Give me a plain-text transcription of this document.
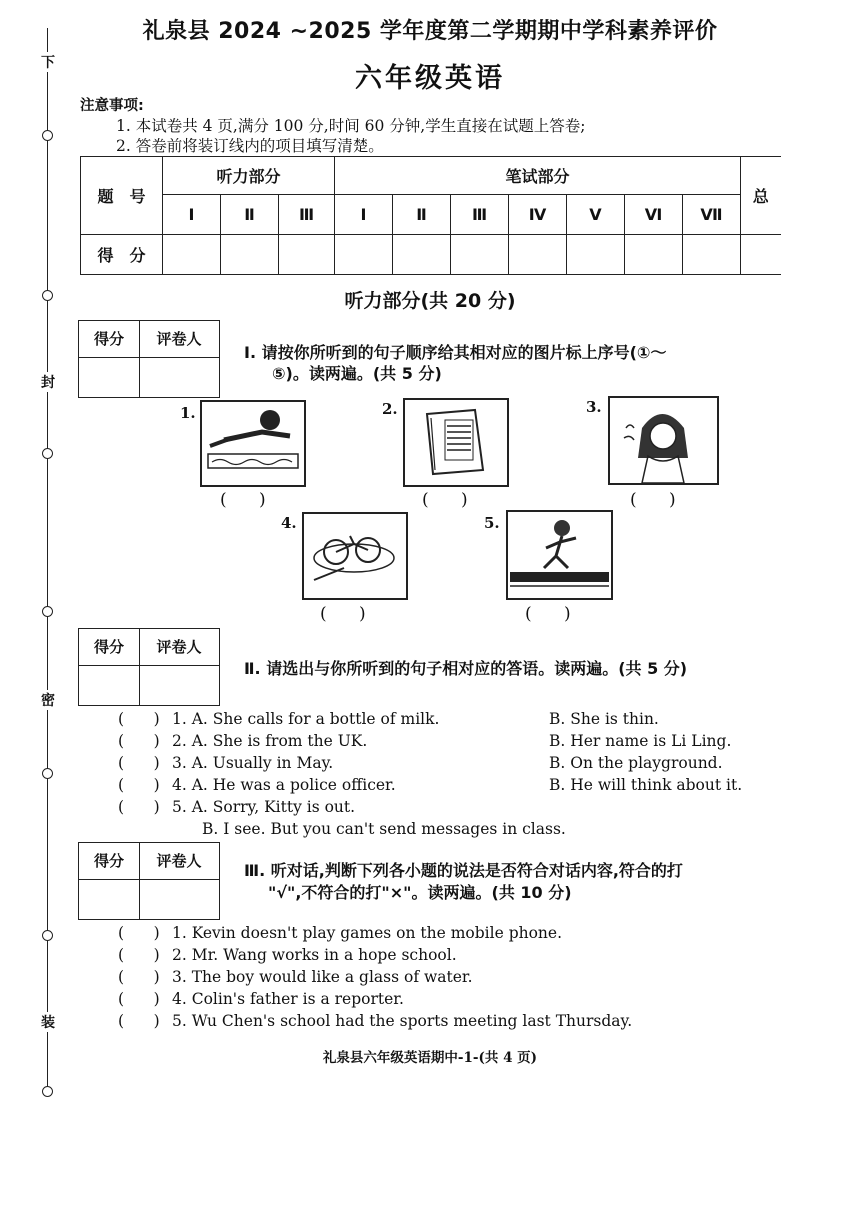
下
封
密
装
礼泉县 2024 ~2025 学年度第二学期期中学科素养评价
六年级英语
注意事项:
1. 本试卷共 4 页,满分 100 分,时间 60 分钟,学生直接在试题上答卷;
2. 答卷前将装订线内的项目填写清楚。
题　号	听力部分			笔试部分							总
	Ⅰ	Ⅱ	Ⅲ	Ⅰ	Ⅱ	Ⅲ	Ⅳ	Ⅴ	Ⅵ	Ⅶ	
得　分											
听力部分(共 20 分)
得分	评卷人
Ⅰ. 请按你所听到的句子顺序给其相对应的图片标上序号(①～
⑤)。读两遍。(共 5 分)
1.
(      )
2.
(      )
3.
(      )
4.
(      )
5.
(      )
得分	评卷人
Ⅱ. 请选出与你所听到的句子相对应的答语。读两遍。(共 5 分)
(      ) 1. A. She calls for a bottle of milk.	B. She is thin.
(      ) 2. A. She is from the UK.	B. Her name is Li Ling.
(      ) 3. A. Usually in May.	B. On the playground.
(      ) 4. A. He was a police officer.	B. He will think about it.
(      ) 5. A. Sorry, Kitty is out.
B. I see. But you can't send messages in class.
得分	评卷人	Ⅲ. 听对话,判断下列各小题的说法是否符合对话内容,符合的打
"√",不符合的打"×"。读两遍。(共 10 分)
(      ) 1. Kevin doesn't play games on the mobile phone.
(      ) 2. Mr. Wang works in a hope school.
(      ) 3. The boy would like a glass of water.
(      ) 4. Colin's father is a reporter.
(      ) 5. Wu Chen's school had the sports meeting last Thursday.
礼泉县六年级英语期中-1-(共 4 页)
